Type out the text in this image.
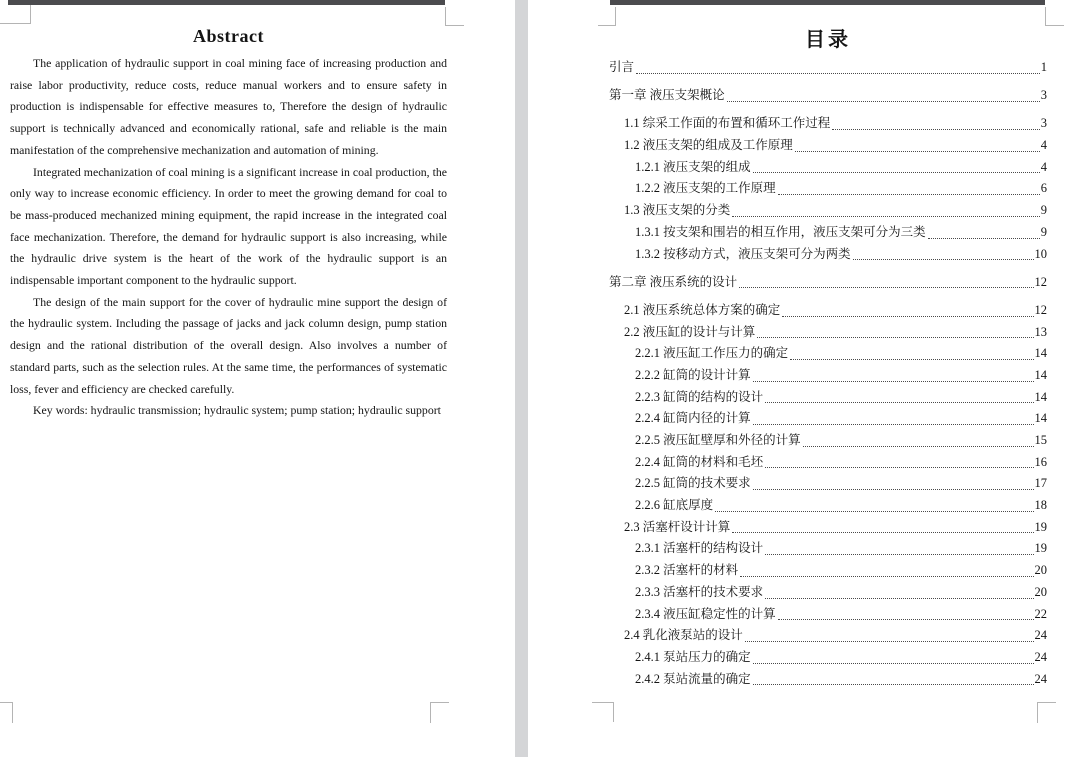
Abstract

The application of hydraulic support in coal mining face of increasing production and raise labor productivity, reduce costs, reduce manual workers and to ensure safety in production is indispensable for effective measures to, Therefore the design of hydraulic support is technically advanced and economically rational, safe and reliable is the main manifestation of the comprehensive mechanization and automation of mining.

Integrated mechanization of coal mining is a significant increase in coal production, the only way to increase economic efficiency. In order to meet the growing demand for coal to be mass-produced mechanized mining equipment, the rapid increase in the integrated coal face mechanization. Therefore, the demand for hydraulic support is also increasing, while the hydraulic drive system is the heart of the work of the hydraulic support is an indispensable important component to the hydraulic support.

The design of the main support for the cover of hydraulic mine support the design of the hydraulic system. Including the passage of jacks and jack column design, pump station design and the rational distribution of the overall design. Also involves a number of standard parts, such as the selection rules. At the same time, the performances of systematic loss, fever and efficiency are checked carefully.

Key words: hydraulic transmission; hydraulic system; pump station; hydraulic support

目录
引言	1
第一章 液压支架概论	3
1.1 综采工作面的布置和循环工作过程	3
1.2 液压支架的组成及工作原理	4
1.2.1 液压支架的组成	4
1.2.2 液压支架的工作原理	6
1.3 液压支架的分类	9
1.3.1 按支架和围岩的相互作用，液压支架可分为三类	9
1.3.2 按移动方式，液压支架可分为两类	10
第二章 液压系统的设计	12
2.1 液压系统总体方案的确定	12
2.2 液压缸的设计与计算	13
2.2.1 液压缸工作压力的确定	14
2.2.2 缸筒的设计计算	14
2.2.3 缸筒的结构的设计	14
2.2.4 缸筒内径的计算	14
2.2.5 液压缸壁厚和外径的计算	15
2.2.4 缸筒的材料和毛坯	16
2.2.5 缸筒的技术要求	17
2.2.6 缸底厚度	18
2.3 活塞杆设计计算	19
2.3.1 活塞杆的结构设计	19
2.3.2 活塞杆的材料	20
2.3.3 活塞杆的技术要求	20
2.3.4 液压缸稳定性的计算	22
2.4 乳化液泵站的设计	24
2.4.1 泵站压力的确定	24
2.4.2 泵站流量的确定	24
